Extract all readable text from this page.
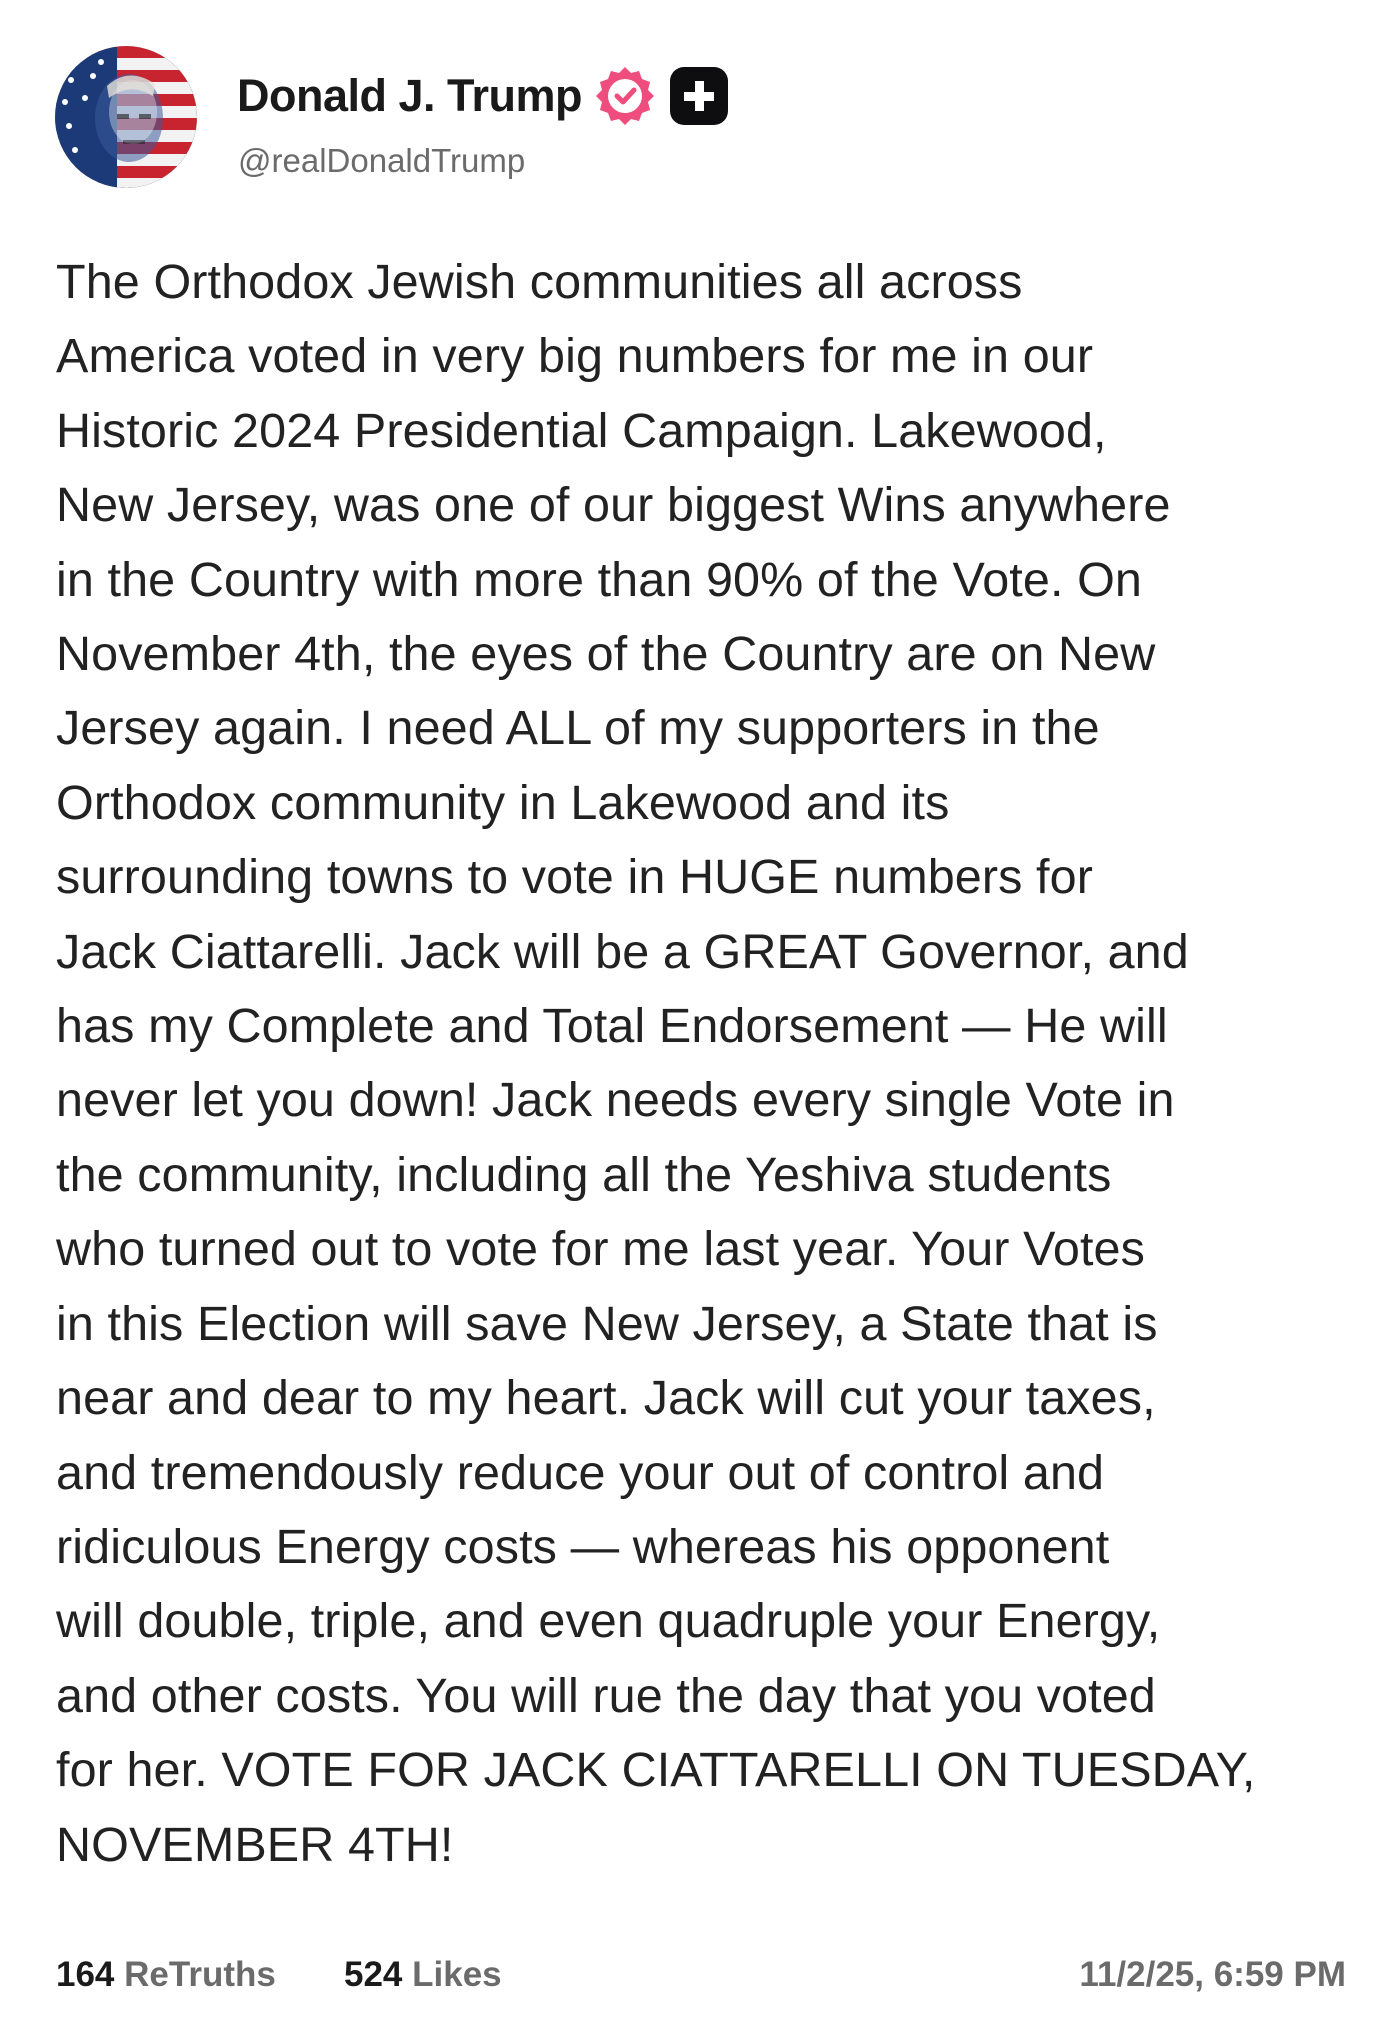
Donald J. Trump
@realDonaldTrump
The Orthodox Jewish communities all across
America voted in very big numbers for me in our
Historic 2024 Presidential Campaign. Lakewood,
New Jersey, was one of our biggest Wins anywhere
in the Country with more than 90% of the Vote. On
November 4th, the eyes of the Country are on New
Jersey again. I need ALL of my supporters in the
Orthodox community in Lakewood and its
surrounding towns to vote in HUGE numbers for
Jack Ciattarelli. Jack will be a GREAT Governor, and
has my Complete and Total Endorsement — He will
never let you down! Jack needs every single Vote in
the community, including all the Yeshiva students
who turned out to vote for me last year. Your Votes
in this Election will save New Jersey, a State that is
near and dear to my heart. Jack will cut your taxes,
and tremendously reduce your out of control and
ridiculous Energy costs — whereas his opponent
will double, triple, and even quadruple your Energy,
and other costs. You will rue the day that you voted
for her. VOTE FOR JACK CIATTARELLI ON TUESDAY,
NOVEMBER 4TH!
164 ReTruths 524 Likes	11/2/25, 6:59 PM
